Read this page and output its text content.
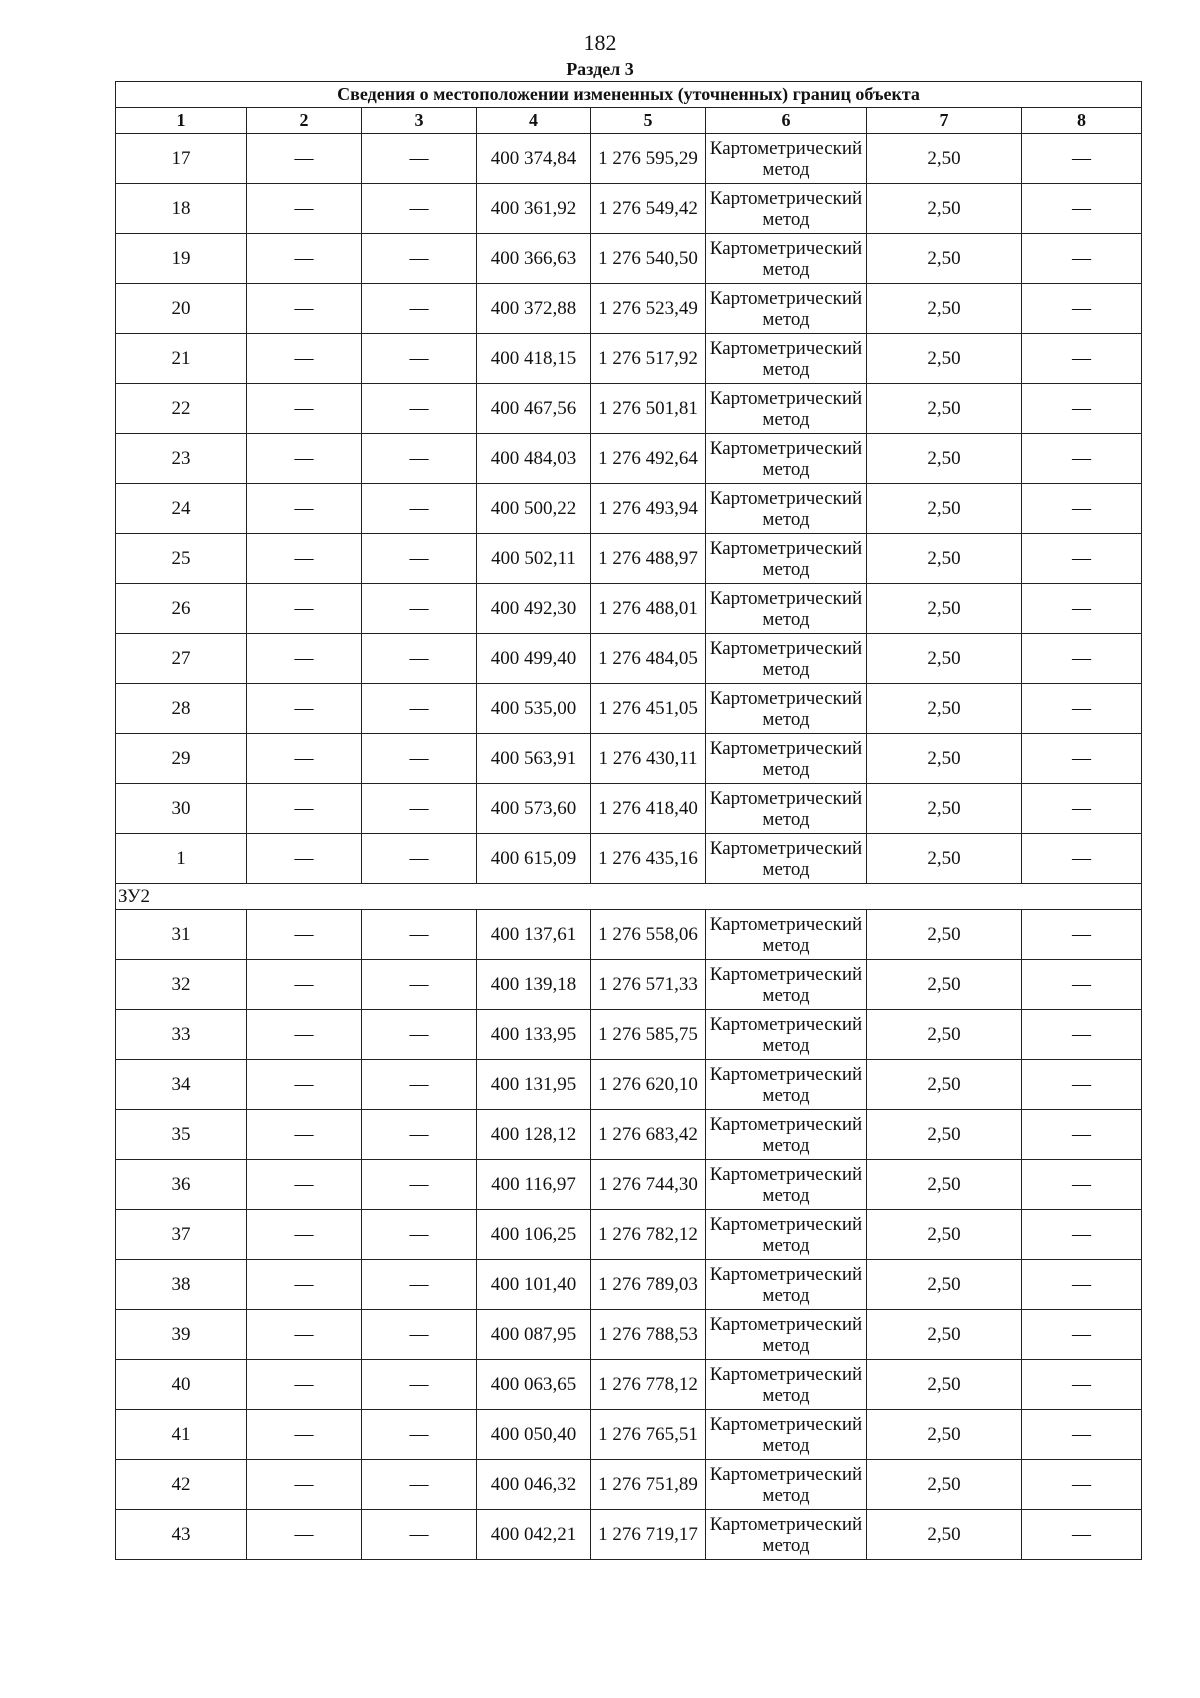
182
Раздел 3
Сведения о местоположении измененных (уточненных) границ объекта							
1	2	3	4	5	6	7	8
17	—	—	400 374,84	1 276 595,29	Картометрический метод	2,50	—
18	—	—	400 361,92	1 276 549,42	Картометрический метод	2,50	—
19	—	—	400 366,63	1 276 540,50	Картометрический метод	2,50	—
20	—	—	400 372,88	1 276 523,49	Картометрический метод	2,50	—
21	—	—	400 418,15	1 276 517,92	Картометрический метод	2,50	—
22	—	—	400 467,56	1 276 501,81	Картометрический метод	2,50	—
23	—	—	400 484,03	1 276 492,64	Картометрический метод	2,50	—
24	—	—	400 500,22	1 276 493,94	Картометрический метод	2,50	—
25	—	—	400 502,11	1 276 488,97	Картометрический метод	2,50	—
26	—	—	400 492,30	1 276 488,01	Картометрический метод	2,50	—
27	—	—	400 499,40	1 276 484,05	Картометрический метод	2,50	—
28	—	—	400 535,00	1 276 451,05	Картометрический метод	2,50	—
29	—	—	400 563,91	1 276 430,11	Картометрический метод	2,50	—
30	—	—	400 573,60	1 276 418,40	Картометрический метод	2,50	—
1	—	—	400 615,09	1 276 435,16	Картометрический метод	2,50	—
ЗУ2							
31	—	—	400 137,61	1 276 558,06	Картометрический метод	2,50	—
32	—	—	400 139,18	1 276 571,33	Картометрический метод	2,50	—
33	—	—	400 133,95	1 276 585,75	Картометрический метод	2,50	—
34	—	—	400 131,95	1 276 620,10	Картометрический метод	2,50	—
35	—	—	400 128,12	1 276 683,42	Картометрический метод	2,50	—
36	—	—	400 116,97	1 276 744,30	Картометрический метод	2,50	—
37	—	—	400 106,25	1 276 782,12	Картометрический метод	2,50	—
38	—	—	400 101,40	1 276 789,03	Картометрический метод	2,50	—
39	—	—	400 087,95	1 276 788,53	Картометрический метод	2,50	—
40	—	—	400 063,65	1 276 778,12	Картометрический метод	2,50	—
41	—	—	400 050,40	1 276 765,51	Картометрический метод	2,50	—
42	—	—	400 046,32	1 276 751,89	Картометрический метод	2,50	—
43	—	—	400 042,21	1 276 719,17	Картометрический метод	2,50	—
